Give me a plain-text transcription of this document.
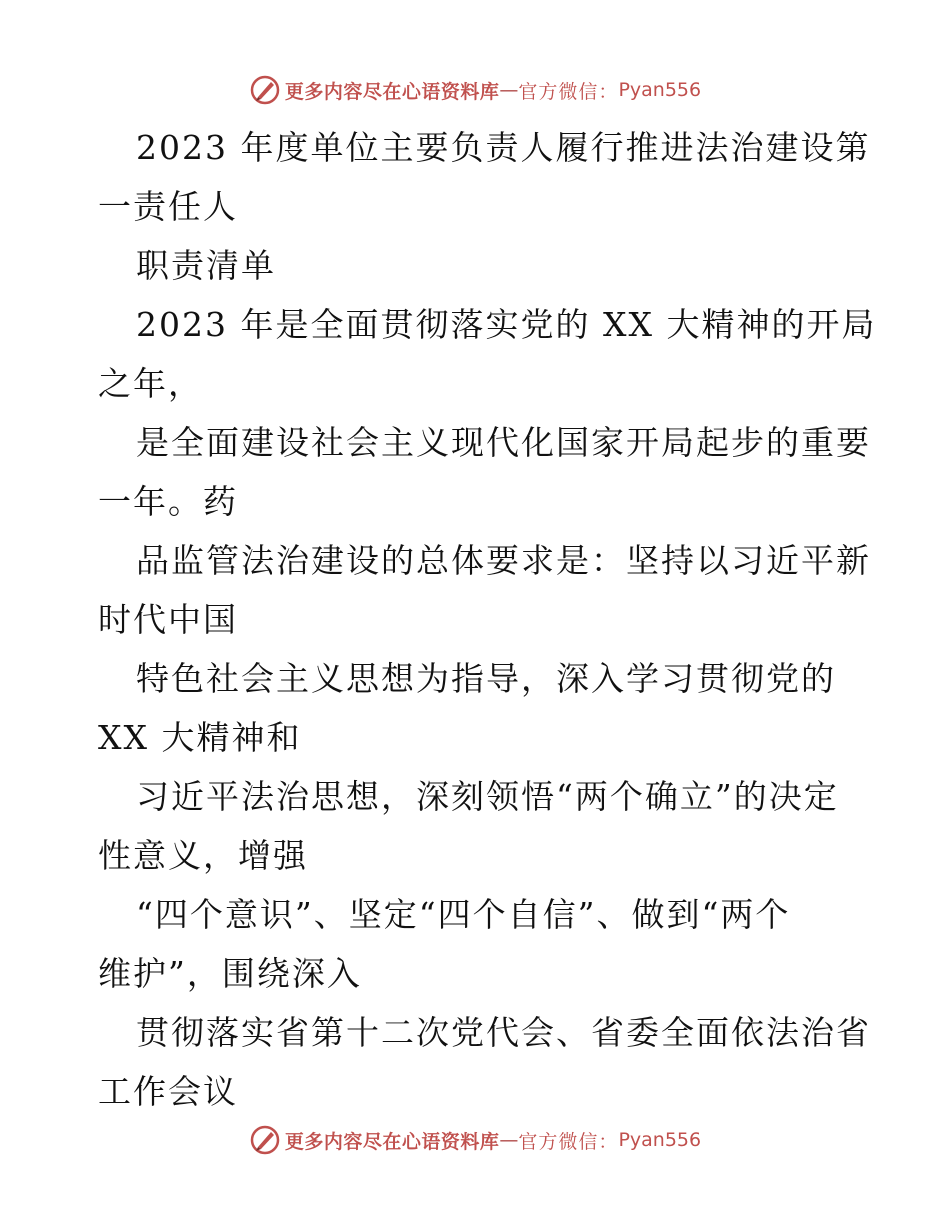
更多内容尽在心语资料库 — 官方微信： Pyan556

2023 年度单位主要负责人履行推进法治建设第
一责任人

职责清单

2023 年是全面贯彻落实党的 XX 大精神的开局
之年，

是全面建设社会主义现代化国家开局起步的重要
一年。药

品监管法治建设的总体要求是：坚持以习近平新
时代中国

特色社会主义思想为指导，深入学习贯彻党的
XX 大精神和

习近平法治思想，深刻领悟“两个确立”的决定
性意义，增强

“四个意识”、坚定“四个自信”、做到“两个
维护”，围绕深入

贯彻落实省第十二次党代会、省委全面依法治省
工作会议

更多内容尽在心语资料库 — 官方微信： Pyan556
